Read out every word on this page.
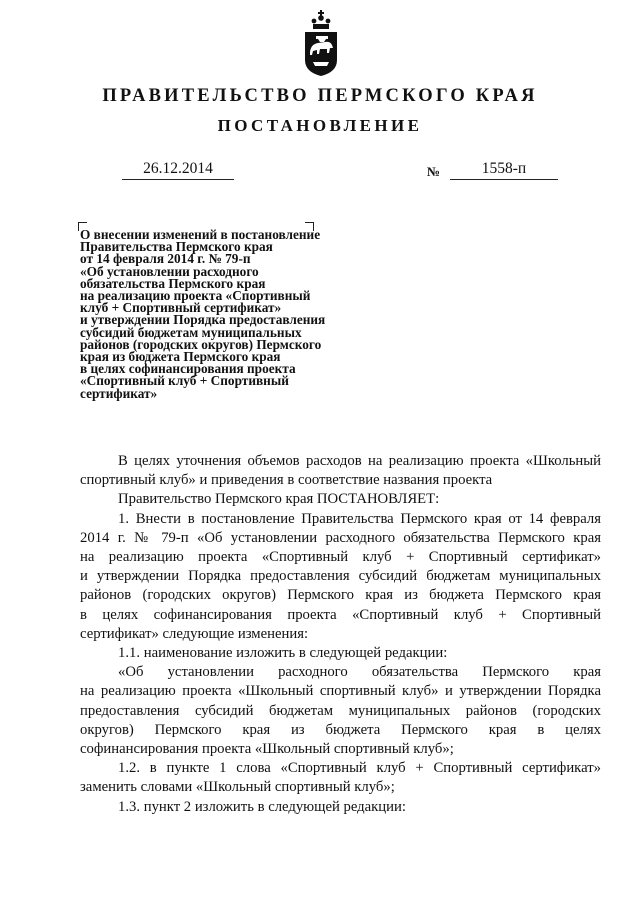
ПРАВИТЕЛЬСТВО ПЕРМСКОГО КРАЯ
ПОСТАНОВЛЕНИЕ
26.12.2014	№	1558-п
О внесении изменений в постановление
Правительства Пермского края
от 14 февраля 2014 г. № 79-п
«Об установлении расходного
обязательства Пермского края
на реализацию проекта «Спортивный
клуб + Спортивный сертификат»
и утверждении Порядка предоставления
субсидий бюджетам муниципальных
районов (городских округов) Пермского
края из бюджета Пермского края
в целях софинансирования проекта
«Спортивный клуб + Спортивный
сертификат»
В целях уточнения объемов расходов на реализацию проекта «Школьный
спортивный клуб» и приведения в соответствие названия проекта
Правительство Пермского края ПОСТАНОВЛЯЕТ:
1. Внести в постановление Правительства Пермского края от 14 февраля
2014 г. № 79-п «Об установлении расходного обязательства Пермского края
на реализацию проекта «Спортивный клуб + Спортивный сертификат»
и утверждении Порядка предоставления субсидий бюджетам муниципальных
районов (городских округов) Пермского края из бюджета Пермского края
в целях софинансирования проекта «Спортивный клуб + Спортивный
сертификат» следующие изменения:
1.1. наименование изложить в следующей редакции:
«Об установлении расходного обязательства Пермского края
на реализацию проекта «Школьный спортивный клуб» и утверждении Порядка
предоставления субсидий бюджетам муниципальных районов (городских
округов) Пермского края из бюджета Пермского края в целях
софинансирования проекта «Школьный спортивный клуб»;
1.2. в пункте 1 слова «Спортивный клуб + Спортивный сертификат»
заменить словами «Школьный спортивный клуб»;
1.3. пункт 2 изложить в следующей редакции:
